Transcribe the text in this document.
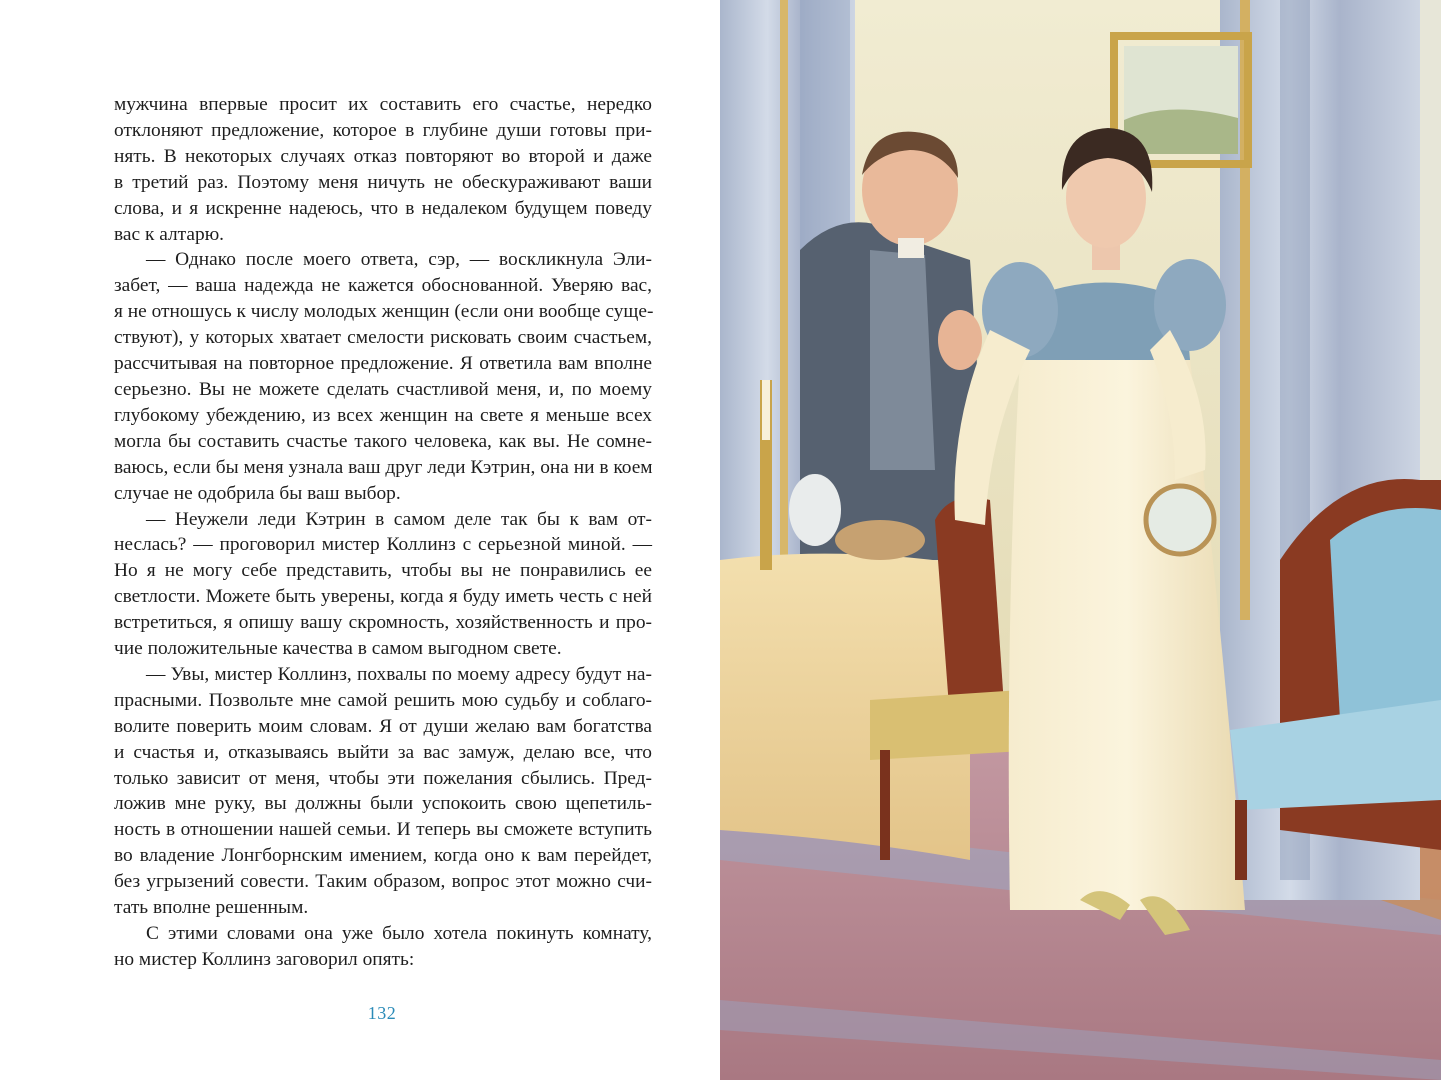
мужчина впервые просит их составить его счастье, нередко
отклоняют предложение, которое в глубине души готовы при-
нять. В некоторых случаях отказ повторяют во второй и даже
в третий раз. Поэтому меня ничуть не обескураживают ваши
слова, и я искренне надеюсь, что в недалеком будущем поведу
вас к алтарю.
— Однако после моего ответа, сэр, — воскликнула Эли-
забет, — ваша надежда не кажется обоснованной. Уверяю вас,
я не отношусь к числу молодых женщин (если они вообще суще-
ствуют), у которых хватает смелости рисковать своим счастьем,
рассчитывая на повторное предложение. Я ответила вам вполне
серьезно. Вы не можете сделать счастливой меня, и, по моему
глубокому убеждению, из всех женщин на свете я меньше всех
могла бы составить счастье такого человека, как вы. Не сомне-
ваюсь, если бы меня узнала ваш друг леди Кэтрин, она ни в коем
случае не одобрила бы ваш выбор.
— Неужели леди Кэтрин в самом деле так бы к вам от-
неслась? — проговорил мистер Коллинз с серьезной миной. —
Но я не могу себе представить, чтобы вы не понравились ее
светлости. Можете быть уверены, когда я буду иметь честь с ней
встретиться, я опишу вашу скромность, хозяйственность и про-
чие положительные качества в самом выгодном свете.
— Увы, мистер Коллинз, похвалы по моему адресу будут на-
прасными. Позвольте мне самой решить мою судьбу и соблаго-
волите поверить моим словам. Я от души желаю вам богатства
и счастья и, отказываясь выйти за вас замуж, делаю все, что
только зависит от меня, чтобы эти пожелания сбылись. Пред-
ложив мне руку, вы должны были успокоить свою щепетиль-
ность в отношении нашей семьи. И теперь вы сможете вступить
во владение Лонгборнским имением, когда оно к вам перейдет,
без угрызений совести. Таким образом, вопрос этот можно счи-
тать вполне решенным.
С этими словами она уже было хотела покинуть комнату,
но мистер Коллинз заговорил опять:
132
